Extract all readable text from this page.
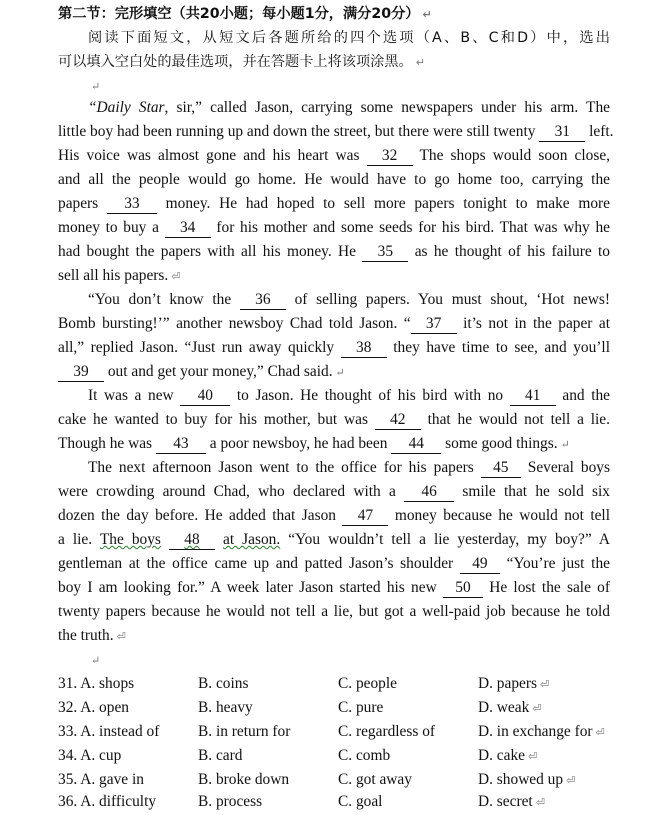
第二节：完形填空（共20小题；每小题1分，满分20分） ↵
阅读下面短文，从短文后各题所给的四个选项（A、B、C和D）中，选出
可以填入空白处的最佳选项，并在答题卡上将该项涂黑。 ↵
↵
“Daily Star, sir,” called Jason, carrying some newspapers under his arm. The
little boy had been running up and down the street, but there were still twenty 31 left.
His voice was almost gone and his heart was 32 The shops would soon close,
and all the people would go home. He would have to go home too, carrying the
papers 33 money. He had hoped to sell more papers tonight to make more
money to buy a 34 for his mother and some seeds for his bird. That was why he
had bought the papers with all his money. He 35 as he thought of his failure to
sell all his papers. ⏎
“You don’t know the 36 of selling papers. You must shout, ‘Hot news!
Bomb bursting!’” another newsboy Chad told Jason. “ 37 it’s not in the paper at
all,” replied Jason. “Just run away quickly 38 they have time to see, and you’ll
39 out and get your money,” Chad said. ↵
It was a new 40 to Jason. He thought of his bird with no 41 and the
cake he wanted to buy for his mother, but was 42 that he would not tell a lie.
Though he was 43 a poor newsboy, he had been 44 some good things. ↵
The next afternoon Jason went to the office for his papers 45 Several boys
were crowding around Chad, who declared with a 46 smile that he sold six
dozen the day before. He added that Jason 47 money because he would not tell
a lie. The boys 48 at Jason. “You wouldn’t tell a lie yesterday, my boy?” A
gentleman at the office came up and patted Jason’s shoulder 49 “You’re just the
boy I am looking for.” A week later Jason started his new 50 He lost the sale of
twenty papers because he would not tell a lie, but got a well-paid job because he told
the truth. ⏎
↵
31. A. shops	B. coins	C. people	D. papers ⏎
32. A. open	B. heavy	C. pure	D. weak ⏎
33. A. instead of	B. in return for	C. regardless of	D. in exchange for ⏎
34. A. cup	B. card	C. comb	D. cake ⏎
35. A. gave in	B. broke down	C. got away	D. showed up ⏎
36. A. difficulty	B. process	C. goal	D. secret ⏎
